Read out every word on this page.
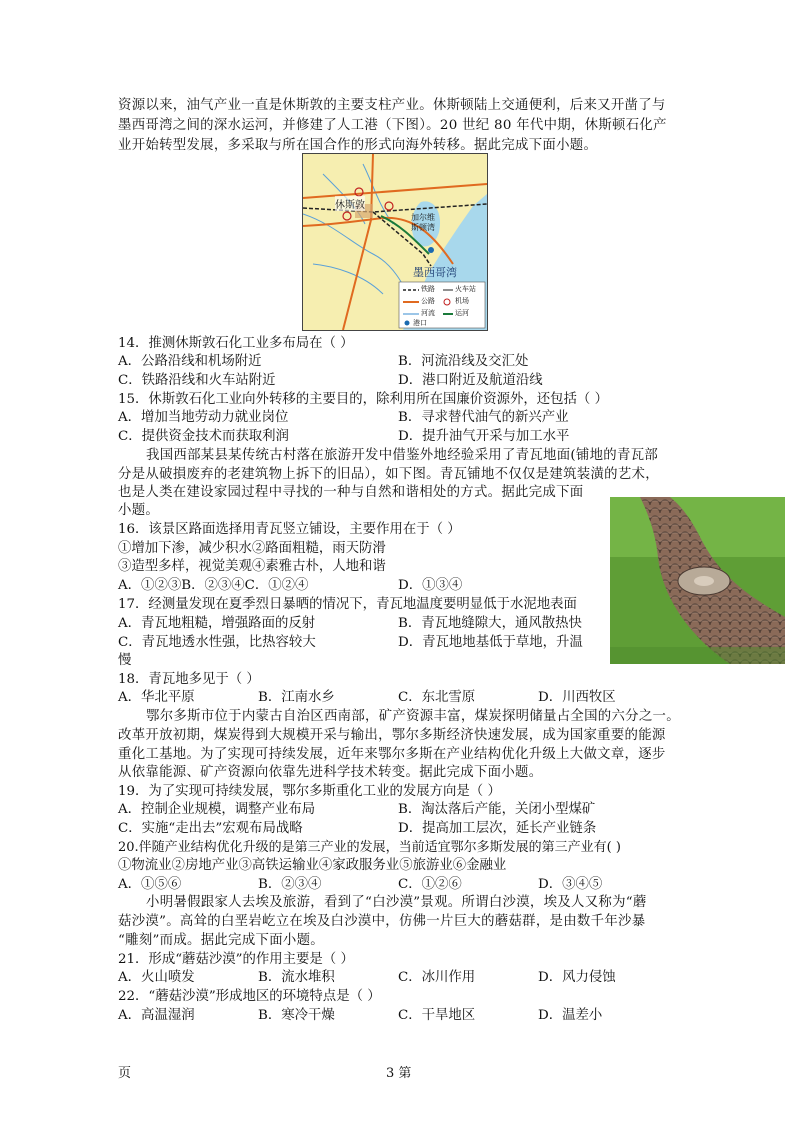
资源以来，油气产业一直是休斯敦的主要支柱产业。休斯顿陆上交通便利，后来又开凿了与
墨西哥湾之间的深水运河，并修建了人工港（下图）。20 世纪 80 年代中期，休斯顿石化产
业开始转型发展，多采取与所在国合作的形式向海外转移。据此完成下面小题。
休斯敦
加尔维
斯顿湾
墨西哥湾
铁路	火车站
公路	机场
河流	运河
港口
14．推测休斯敦石化工业多布局在（ ）
A．公路沿线和机场附近	B．河流沿线及交汇处
C．铁路沿线和火车站附近	D．港口附近及航道沿线
15．休斯敦石化工业向外转移的主要目的，除利用所在国廉价资源外，还包括（ ）
A．增加当地劳动力就业岗位	B．寻求替代油气的新兴产业
C．提供资金技术而获取利润	D．提升油气开采与加工水平
我国西部某县某传统古村落在旅游开发中借鉴外地经验采用了青瓦地面(铺地的青瓦部
分是从破損废弃的老建筑物上拆下的旧品），如下图。青瓦铺地不仅仅是建筑装潢的艺术，
也是人类在建设家园过程中寻找的一种与自然和谐相处的方式。据此完成下面
小题。
16．该景区路面选择用青瓦竖立铺设，主要作用在于（ ）
①增加下渗，减少积水②路面粗糙，雨天防滑
③造型多样，视觉美观④素雅古朴，人地和谐
A．①②③B．②③④C．①②④	D．①③④
17．经测量发现在夏季烈日暴晒的情况下，青瓦地温度要明显低于水泥地表面
A．青瓦地粗糙，增强路面的反射	B．青瓦地缝隙大，通风散热快
C．青瓦地透水性强，比热容较大	D．青瓦地地基低于草地，升温
慢
18．青瓦地多见于（ ）
A．华北平原	B．江南水乡	C．东北雪原	D．川西牧区
鄂尔多斯市位于内蒙古自治区西南部，矿产资源丰富，煤炭探明储量占全国的六分之一。
改革开放初期，煤炭得到大规模开采与输出，鄂尔多斯经济快速发展，成为国家重要的能源
重化工基地。为了实现可持续发展，近年来鄂尔多斯在产业结构优化升级上大做文章，逐步
从依靠能源、矿产资源向依靠先进科学技术转变。据此完成下面小题。
19．为了实现可持续发展，鄂尔多斯重化工业的发展方向是（ ）
A．控制企业规模，调整产业布局	B．淘汰落后产能，关闭小型煤矿
C．实施“走出去”宏观布局战略	D．提高加工层次，延长产业链条
20.伴随产业结构优化升级的是第三产业的发展，当前适宜鄂尔多斯发展的第三产业有( )
①物流业②房地产业③高铁运输业④家政服务业⑤旅游业⑥金融业
A．①⑤⑥	B．②③④	C．①②⑥	D．③④⑤
小明暑假跟家人去埃及旅游，看到了“白沙漠”景观。所谓白沙漠，埃及人又称为“蘑
菇沙漠”。高耸的白垩岩屹立在埃及白沙漠中，仿佛一片巨大的蘑菇群，是由数千年沙暴
“雕刻”而成。据此完成下面小题。
21．形成“蘑菇沙漠”的作用主要是（ ）
A．火山喷发	B．流水堆积	C．冰川作用	D．风力侵蚀
22．“蘑菇沙漠”形成地区的环境特点是（ ）
A．高温湿润	B．寒冷干燥	C．干旱地区	D．温差小
页	3 第
